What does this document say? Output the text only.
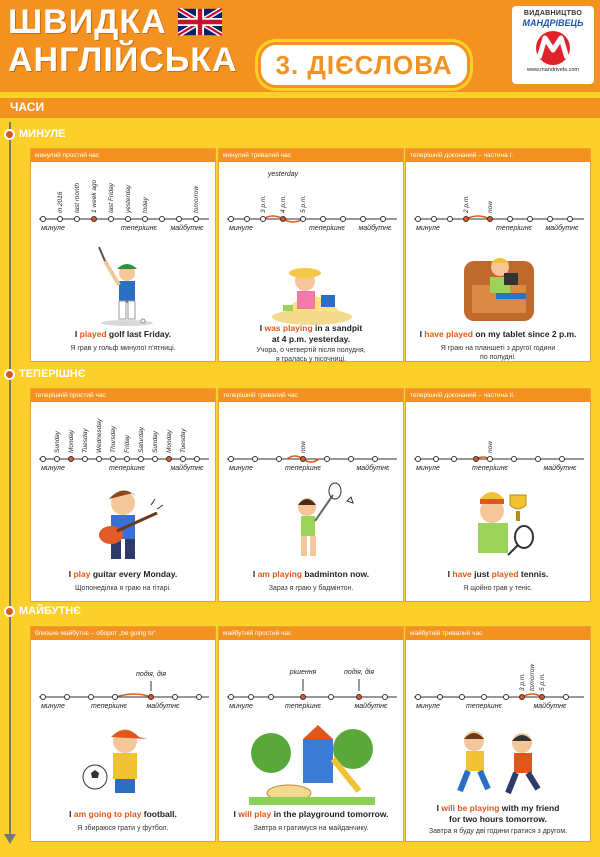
ШВИДКА
АНГЛІЙСЬКА	3. ДІЄСЛОВА
ВИДАВНИЦТВО
МАНДРІВЕЦЬ
www.mandrivets.com
ЧАСИ
МИНУЛЕ
ТЕПЕРІШНЄ
МАЙБУТНЄ
минулий простий час
in 2016 last month 1 week ago last Friday yesterday today	tomorrow
минуле	теперішнє майбутнє
I played golf last Friday.
Я грав у гольф минулої п'ятниці.
минулий тривалий час
yesterday
3 p.m. 4 p.m. 5 p.m.
минуле	теперішнє майбутнє
I was playing in a sandpit
at 4 p.m. yesterday.
Учора, о четвертій після полудня,
я гралась у пісочниці.
теперішній доконаний – частина I.
2 p.m.	now
минуле	теперішнє майбутнє
I have played on my tablet since 2 p.m.
Я граю на планшеті з другої години
по полудні.
теперішній простий час
Sunday Monday Tuesday Wednesday Thursday Friday Saturday Sunday Monday Tuesday
минуле	теперішнє	майбутнє
I play guitar every Monday.
Щопонеділка я граю на гітарі.
теперішній тривалий час
now
минуле	теперішнє	майбутнє
I am playing badminton now.
Зараз я граю у бадмінтон.
теперішній доконаний – частина II.
now
минуле	теперішнє	майбутнє
I have just played tennis.
Я щойно грав у теніс.
близьке майбутнє – оборот „be going to“
подія, дія
минуле	теперішнє	майбутнє
I am going to play football.
Я збираюся грати у футбол.
майбутній простий час
рішення	подія, дія
минуле	теперішнє	майбутнє
I will play in the playground tomorrow.
Завтра я гратимуся на майданчику.
майбутній тривалий час
3 p.m. tomorrow 5 p.m.
минуле	теперішнє	майбутнє
I will be playing with my friend
for two hours tomorrow.
Завтра я буду дві години гратися з другом.
